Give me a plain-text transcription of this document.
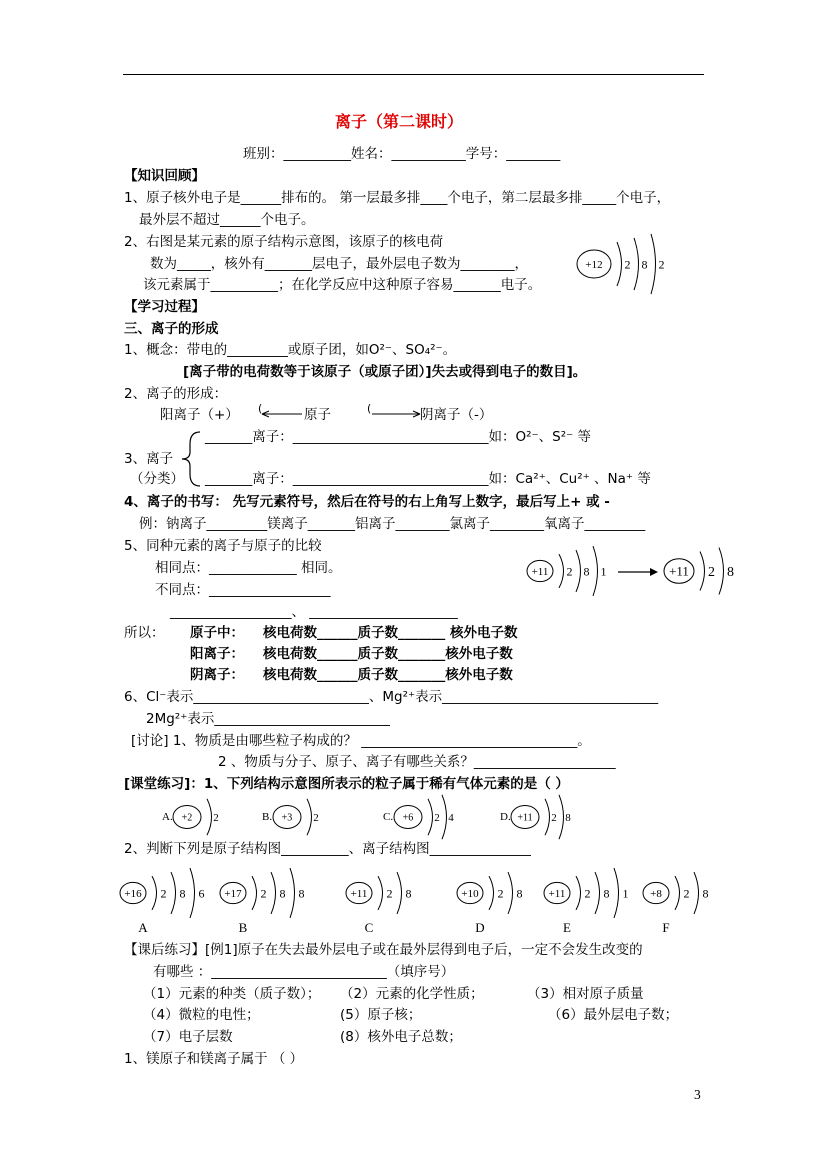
离子（第二课时）
班别：__________姓名：___________学号：________
【知识回顾】
1、原子核外电子是______排布的。 第一层最多排____个电子，第二层最多排_____个电子，
最外层不超过______个电子。
2、右图是某元素的原子结构示意图，该原子的核电荷
数为_____，核外有_______层电子，最外层电子数为________，
该元素属于__________；在化学反应中这种原子容易_______电子。
【学习过程】
三、离子的形成
1、概念：带电的_________或原子团，如O²⁻、SO₄²⁻。
[离子带的电荷数等于该原子（或原子团）]失去或得到电子的数目]。
2、离子的形成：
阳离子（+）	原子	阴离子（-）
(	(
3、离子
（分类）
_______离子：_____________________________如：O²⁻、S²⁻ 等
_______离子：_____________________________如：Ca²⁺、Cu²⁺ 、Na⁺ 等
4、离子的书写： 先写元素符号，然后在符号的右上角写上数字，最后写上+ 或 -
例：钠离子_________镁离子_______铝离子________氯离子________氧离子_________
5、同种元素的离子与原子的比较
相同点：_____________ 相同。
不同点：__________________
__________________、 ______________________
所以： 原子中： 核电荷数______质子数_______ 核外电子数
阳离子： 核电荷数______质子数_______核外电子数
阴离子： 核电荷数______质子数_______核外电子数
6、Cl⁻表示__________________________、Mg²⁺表示________________________________
2Mg²⁺表示__________________________
[讨论] 1、物质是由哪些粒子构成的？ ________________________________。
2 、物质与分子、原子、离子有哪些关系？_____________________
[课堂练习]：1、下列结构示意图所表示的粒子属于稀有气体元素的是（ ）
2、判断下列是原子结构图__________、离子结构图_______________
【课后练习】[例1]原子在失去最外层电子或在最外层得到电子后，一定不会发生改变的
有哪些 ：__________________________（填序号）
（1）元素的种类（质子数）； （2）元素的化学性质；	（3）相对原子质量
（4）微粒的电性；	(5）原子核；	（6）最外层电子数；
（7）电子层数	(8）核外电子总数；
1、镁原子和镁离子属于 （ ）
3
+12 2 8 2
+11 2 8 1	+11 2 8
A. +2 2	B. +3 2	C. +6 2 4	D. +11 2 8
+16 2 8 6
A
+17 2 8 8
B
+11 2 8
C
+10 2 8
D
+11 2 8 1
E
+8 2 8
F
